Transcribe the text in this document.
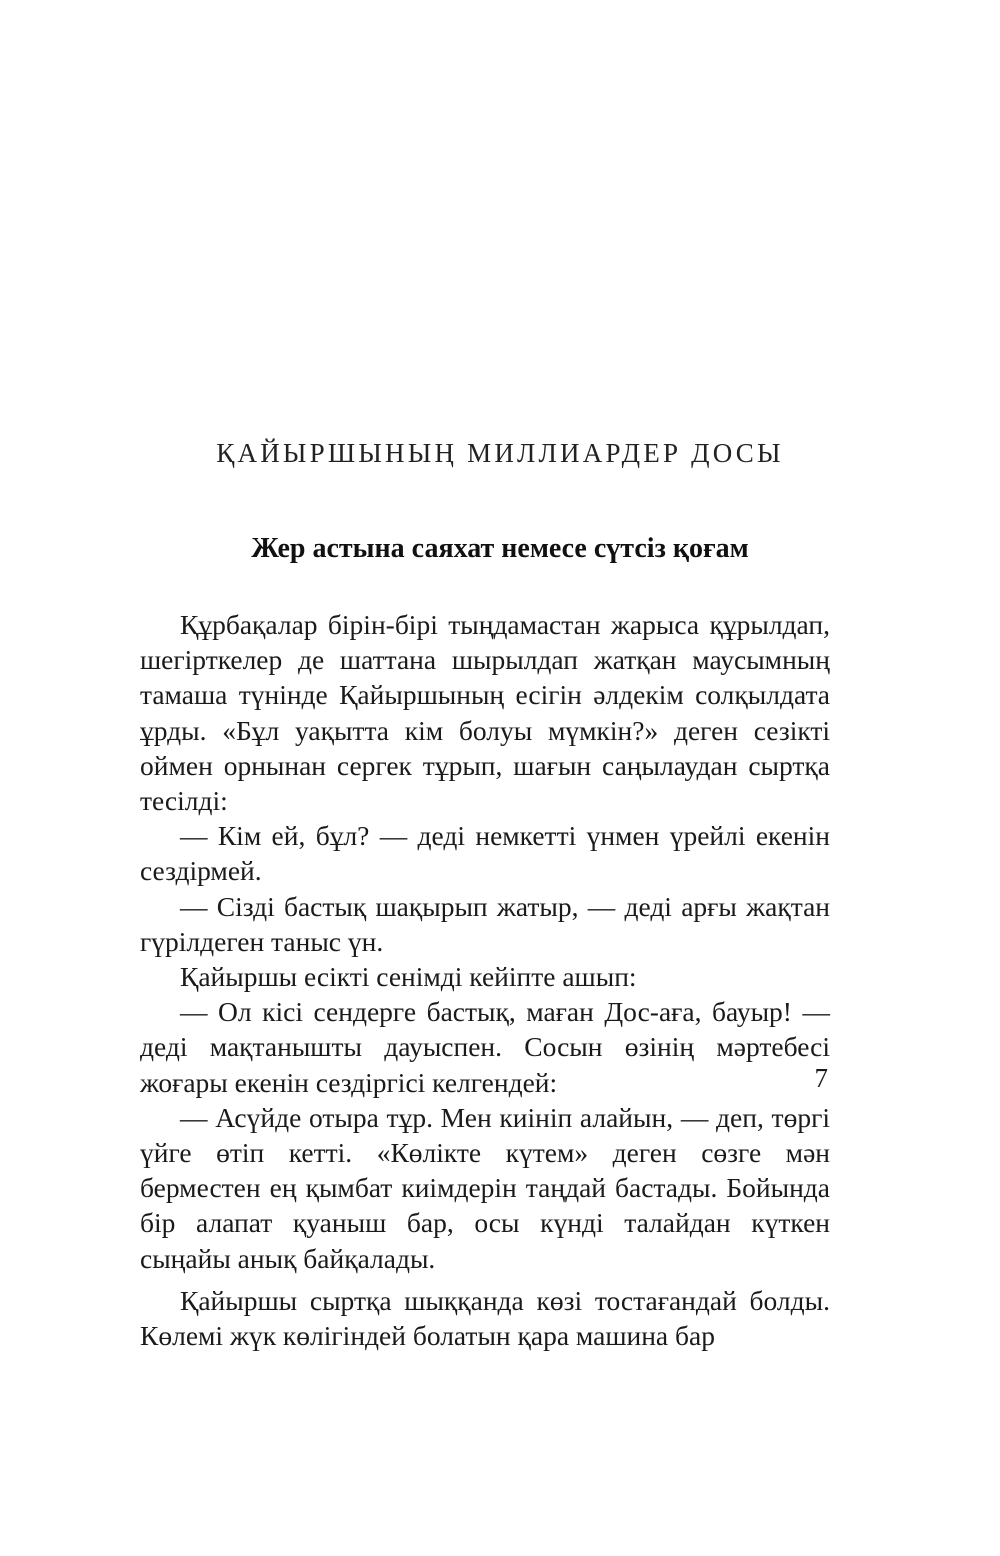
ҚАЙЫРШЫНЫҢ МИЛЛИАРДЕР ДОСЫ
Жер астына саяхат немесе сүтсіз қоғам

Құрбақалар бірін-бірі тыңдамастан жарыса құрылдап, шегірткелер де шаттана шырылдап жатқан маусымның тамаша түнінде Қайыршының есігін әлдекім солқылдата ұрды. «Бұл уақытта кім болуы мүмкін?» деген сезікті оймен орнынан сергек тұрып, шағын саңылаудан сыртқа тесілді:

— Кім ей, бұл? — деді немкетті үнмен үрейлі екенін сездірмей.

— Сізді бастық шақырып жатыр, — деді арғы жақтан гүрілдеген таныс үн.

Қайыршы есікті сенімді кейіпте ашып:

— Ол кісі сендерге бастық, маған Дос-аға, бауыр! — деді мақтанышты дауыспен. Сосын өзінің мәртебесі жоғары екенін сездіргісі келгендей:

— Асүйде отыра тұр. Мен киініп алайын, — деп, төргі үйге өтіп кетті. «Көлікте күтем» деген сөзге мән берместен ең қымбат киімдерін таңдай бастады. Бойында бір алапат қуаныш бар, осы күнді талайдан күткен сыңайы анық байқалады.

Қайыршы сыртқа шыққанда көзі тостағандай болды. Көлемі жүк көлігіндей болатын қара машина бар

7
